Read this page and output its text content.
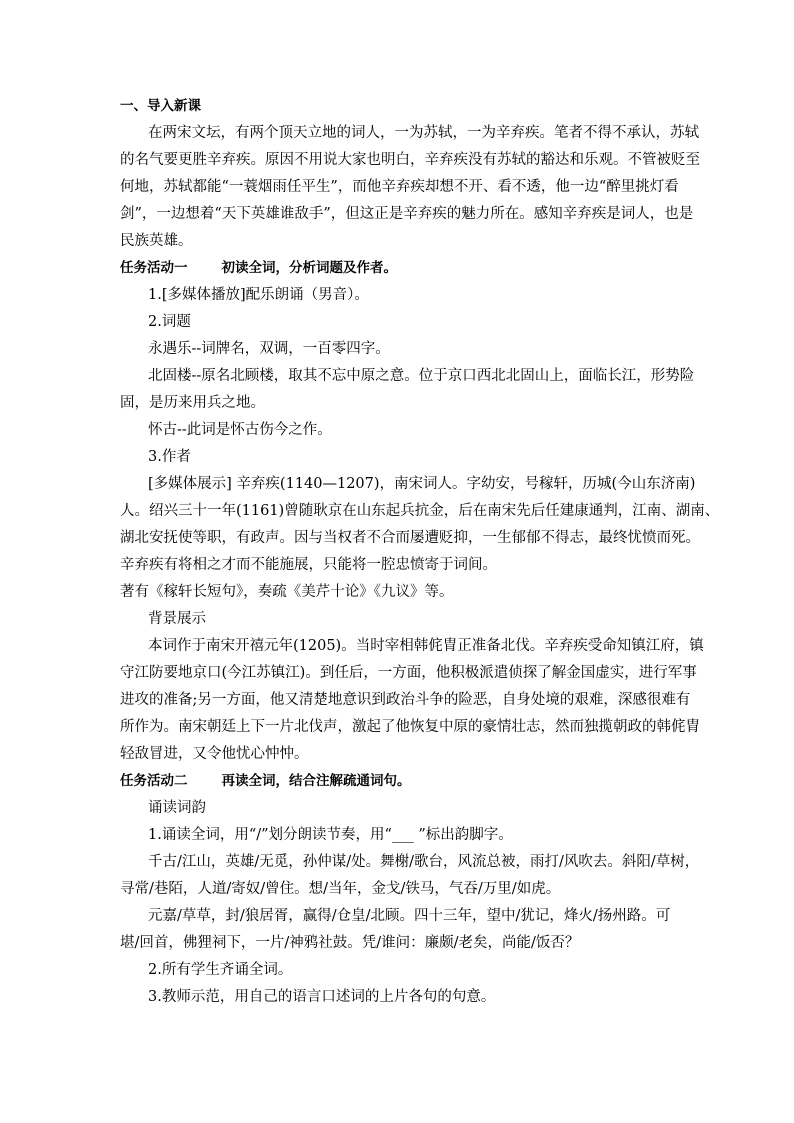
一、导入新课
在两宋文坛，有两个顶天立地的词人，一为苏轼，一为辛弃疾。笔者不得不承认，苏轼
的名气要更胜辛弃疾。原因不用说大家也明白，辛弃疾没有苏轼的豁达和乐观。不管被贬至
何地，苏轼都能“一蓑烟雨任平生”，而他辛弃疾却想不开、看不透，他一边“醉里挑灯看
剑”，一边想着“天下英雄谁敌手”，但这正是辛弃疾的魅力所在。感知辛弃疾是词人，也是
民族英雄。
任务活动一	初读全词，分析词题及作者。
1.[多媒体播放]配乐朗诵（男音）。
2.词题
永遇乐--词牌名，双调，一百零四字。
北固楼--原名北顾楼，取其不忘中原之意。位于京口西北北固山上，面临长江，形势险
固，是历来用兵之地。
怀古--此词是怀古伤今之作。
3.作者
[多媒体展示] 辛弃疾(1140—1207)，南宋词人。字幼安，号稼轩，历城(今山东济南)
人。绍兴三十一年(1161)曾随耿京在山东起兵抗金，后在南宋先后任建康通判，江南、湖南、
湖北安抚使等职，有政声。因与当权者不合而屡遭贬抑，一生郁郁不得志，最终忧愤而死。
辛弃疾有将相之才而不能施展，只能将一腔忠愤寄于词间。
著有《稼轩长短句》，奏疏《美芹十论》《九议》等。
背景展示
本词作于南宋开禧元年(1205)。当时宰相韩侂胄正准备北伐。辛弃疾受命知镇江府，镇
守江防要地京口(今江苏镇江)。到任后，一方面，他积极派遣侦探了解金国虚实，进行军事
进攻的准备;另一方面，他又清楚地意识到政治斗争的险恶，自身处境的艰难，深感很难有
所作为。南宋朝廷上下一片北伐声，激起了他恢复中原的豪情壮志，然而独揽朝政的韩侂胄
轻敌冒进，又令他忧心忡忡。
任务活动二	再读全词，结合注解疏通词句。
诵读词韵
1.诵读全词，用“/”划分朗读节奏，用“___ ”标出韵脚字。
千古/江山，英雄/无觅，孙仲谋/处。舞榭/歌台，风流总被，雨打/风吹去。斜阳/草树，
寻常/巷陌，人道/寄奴/曾住。想/当年，金戈/铁马，气吞/万里/如虎。
元嘉/草草，封/狼居胥，赢得/仓皇/北顾。四十三年，望中/犹记，烽火/扬州路。可
堪/回首，佛狸祠下，一片/神鸦社鼓。凭/谁问：廉颇/老矣，尚能/饭否？
2.所有学生齐诵全词。
3.教师示范，用自己的语言口述词的上片各句的句意。
